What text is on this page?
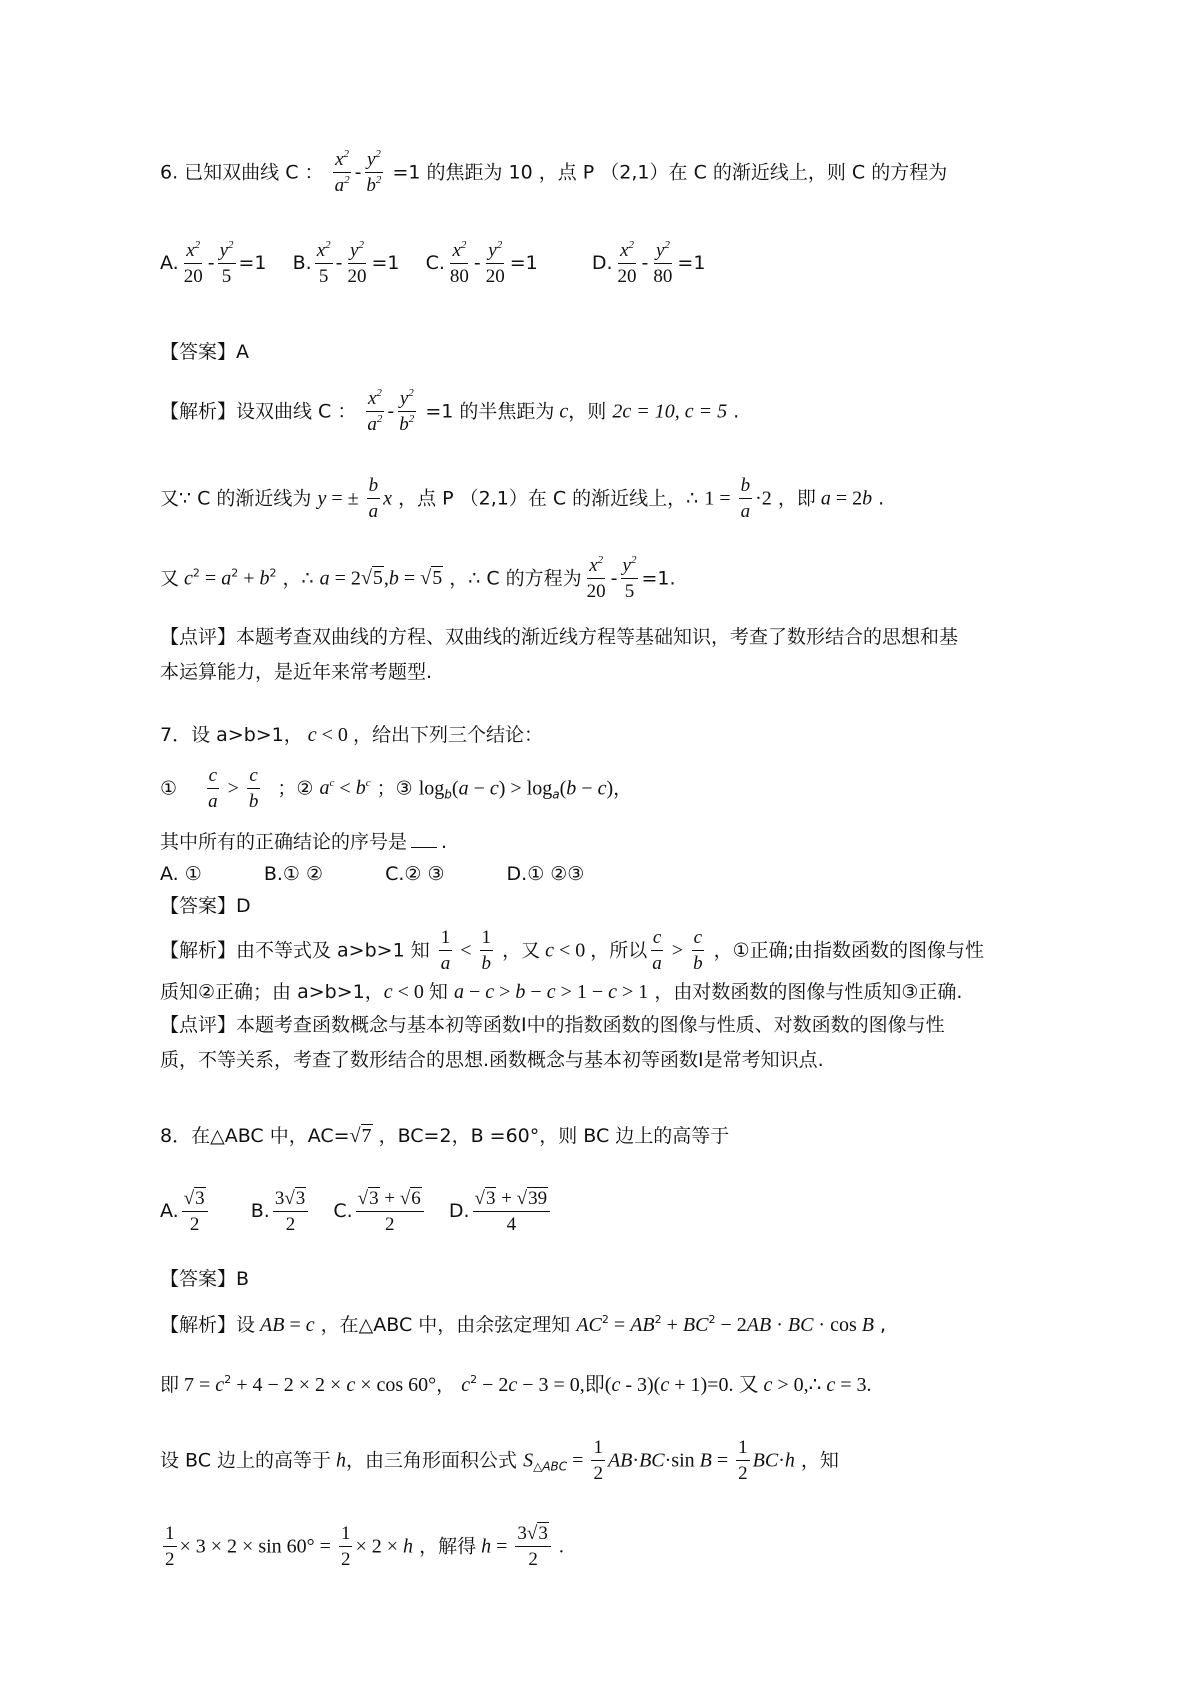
6. 已知双曲线 C ： $\frac{x^2}{a^2} - \frac{y^2}{b^2} =1$ 的焦距为 10 ，点 P （2,1）在 C 的渐近线上，则 C 的方程为
A. $\frac{x^2}{20} - \frac{y^2}{5} =1$ B. $\frac{x^2}{5} - \frac{y^2}{20} =1$ C. $\frac{x^2}{80} - \frac{y^2}{20} =1$	D. $\frac{x^2}{20} - \frac{y^2}{80} =1$
【答案】A
【解析】设双曲线 C ： $\frac{x^2}{a^2} - \frac{y^2}{b^2} =1$ 的半焦距为 c，则 2c = 10, c = 5 .
又∵ C 的渐近线为 y = ± $\frac{b}{a}$ x ，点 P （2,1）在 C 的渐近线上，∴ $1 = \frac{b}{a} \cdot 2$ ，即 a = 2b .
又 $c^2 = a^2 + b^2$ ，∴ a = 2√5,b = √5 ，∴ C 的方程为 $\frac{x^2}{20} - \frac{y^2}{5} =1$.
【点评】本题考查双曲线的方程、双曲线的渐近线方程等基础知识，考查了数形结合的思想和基
本运算能力，是近年来常考题型.
7．设 a>b>1， c < 0 ，给出下列三个结论：
① $\frac{c}{a} > \frac{c}{b}$ ；② $a^c < b^c$ ；③ $\log_b(a - c) > \log_a(b - c)$，
其中所有的正确结论的序号是 .
A. ①	B.① ②	C.② ③	D.① ②③
【答案】D
【解析】由不等式及 a>b>1 知 $\frac{1}{a} < \frac{1}{b}$ ，又 c < 0 ，所以 $\frac{c}{a} > \frac{c}{b}$ ，①正确;由指数函数的图像与性
质知②正确；由 a>b>1，c < 0 知 a − c > b − c > 1 − c > 1 ，由对数函数的图像与性质知③正确.
【点评】本题考查函数概念与基本初等函数Ⅰ中的指数函数的图像与性质、对数函数的图像与性
质，不等关系，考查了数形结合的思想.函数概念与基本初等函数Ⅰ是常考知识点.
8．在△ABC 中，AC=√7 ，BC=2，B =60°，则 BC 边上的高等于
A. $\frac{√3}{2} B$. $\frac{3√3}{2} C$. $\frac{√3 + √6}{2} D$. $\frac{√3 + √39}{4}$
【答案】B
【解析】设 AB = c ，在△ABC 中，由余弦定理知 $AC^2 = AB^2 + BC^2 - 2AB$ · BC · cos B ,
即 $7 = c^2 + 4 - 2 \times 2 \times c \times \cos 60^\circ$， $c^2 - 2c - 3 = 0$,即(c - 3)(c + 1)=0. 又 c > 0,∴ c = 3.
设 BC 边上的高等于 h，由三角形面积公式 $S_{\triangle ABC} = \frac{1}{2} AB\cdot BC\cdot\sin$ $B = \frac{1}{2} BC\cdot h$ ，知
$\frac{1}{2} \times 3 \times 2 \times \sin 60^\circ = \frac{1}{2} \times 2 \times h$ ，解得 $h = \frac{3√3}{2}$ .
